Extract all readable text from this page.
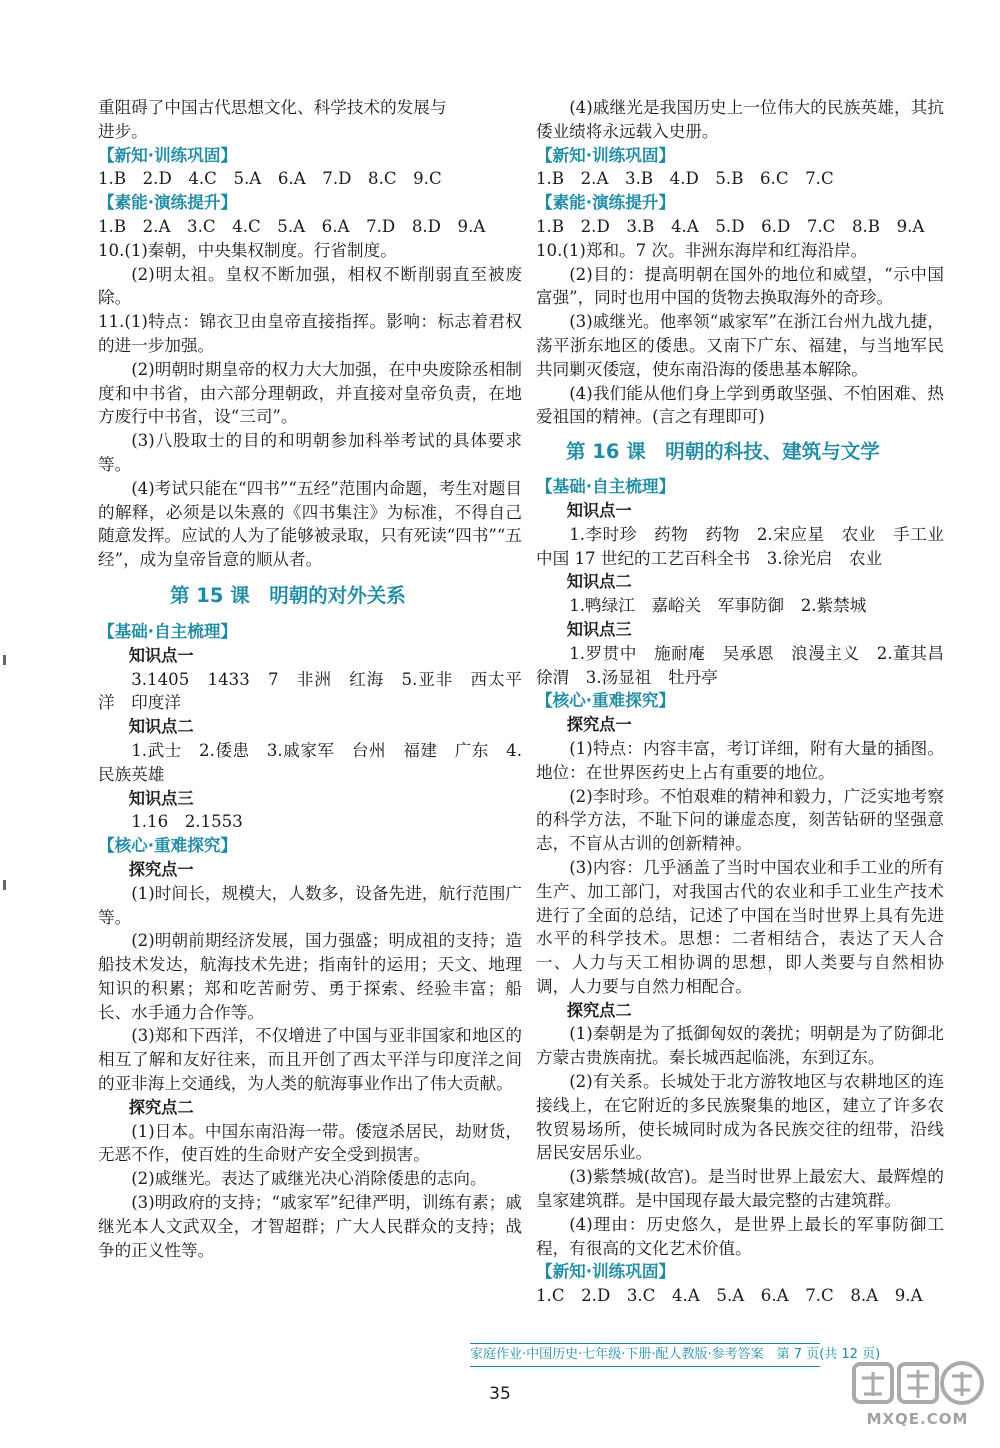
重阻碍了中国古代思想文化、科学技术的发展与

进步。

【新知·训练巩固】

1.B　2.D　4.C　5.A　6.A　7.D　8.C　9.C

【素能·演练提升】

1.B　2.A　3.C　4.C　5.A　6.A　7.D　8.D　9.A

10.(1)秦朝，中央集权制度。行省制度。

(2)明太祖。皇权不断加强，相权不断削弱直至被废除。

11.(1)特点：锦衣卫由皇帝直接指挥。影响：标志着君权的进一步加强。

(2)明朝时期皇帝的权力大大加强，在中央废除丞相制度和中书省，由六部分理朝政，并直接对皇帝负责，在地方废行中书省，设“三司”。

(3)八股取士的目的和明朝参加科举考试的具体要求等。

(4)考试只能在“四书”“五经”范围内命题，考生对题目的解释，必须是以朱熹的《四书集注》为标准，不得自己随意发挥。应试的人为了能够被录取，只有死读“四书”“五经”，成为皇帝旨意的顺从者。

第 15 课　明朝的对外关系

【基础·自主梳理】

知识点一

3.1405　1433　7　非洲　红海　5.亚非　西太平洋　印度洋

知识点二

1.武士　2.倭患　3.戚家军　台州　福建　广东　4.民族英雄

知识点三

1.16　2.1553

【核心·重难探究】

探究点一

(1)时间长，规模大，人数多，设备先进，航行范围广等。

(2)明朝前期经济发展，国力强盛；明成祖的支持；造船技术发达，航海技术先进；指南针的运用；天文、地理知识的积累；郑和吃苦耐劳、勇于探索、经验丰富；船长、水手通力合作等。

(3)郑和下西洋，不仅增进了中国与亚非国家和地区的相互了解和友好往来，而且开创了西太平洋与印度洋之间的亚非海上交通线，为人类的航海事业作出了伟大贡献。

探究点二

(1)日本。中国东南沿海一带。倭寇杀居民，劫财货，无恶不作，使百姓的生命财产安全受到损害。

(2)戚继光。表达了戚继光决心消除倭患的志向。

(3)明政府的支持；“戚家军”纪律严明，训练有素；戚继光本人文武双全，才智超群；广大人民群众的支持；战争的正义性等。

(4)戚继光是我国历史上一位伟大的民族英雄，其抗倭业绩将永远载入史册。

【新知·训练巩固】

1.B　2.A　3.B　4.D　5.B　6.C　7.C

【素能·演练提升】

1.B　2.D　3.B　4.A　5.D　6.D　7.C　8.B　9.A

10.(1)郑和。7 次。非洲东海岸和红海沿岸。

(2)目的：提高明朝在国外的地位和威望，“示中国富强”，同时也用中国的货物去换取海外的奇珍。

(3)戚继光。他率领“戚家军”在浙江台州九战九捷，荡平浙东地区的倭患。又南下广东、福建，与当地军民共同剿灭倭寇，使东南沿海的倭患基本解除。

(4)我们能从他们身上学到勇敢坚强、不怕困难、热爱祖国的精神。(言之有理即可)

第 16 课　明朝的科技、建筑与文学

【基础·自主梳理】

知识点一

1.李时珍　药物　药物　2.宋应星　农业　手工业　中国 17 世纪的工艺百科全书　3.徐光启　农业

知识点二

1.鸭绿江　嘉峪关　军事防御　2.紫禁城

知识点三

1.罗贯中　施耐庵　吴承恩　浪漫主义　2.董其昌　徐渭　3.汤显祖　牡丹亭

【核心·重难探究】

探究点一

(1)特点：内容丰富，考订详细，附有大量的插图。地位：在世界医药史上占有重要的地位。

(2)李时珍。不怕艰难的精神和毅力，广泛实地考察的科学方法，不耻下问的谦虚态度，刻苦钻研的坚强意志，不盲从古训的创新精神。

(3)内容：几乎涵盖了当时中国农业和手工业的所有生产、加工部门，对我国古代的农业和手工业生产技术进行了全面的总结，记述了中国在当时世界上具有先进水平的科学技术。思想：二者相结合，表达了天人合一、人力与天工相协调的思想，即人类要与自然相协调，人力要与自然力相配合。

探究点二

(1)秦朝是为了抵御匈奴的袭扰；明朝是为了防御北方蒙古贵族南扰。秦长城西起临洮，东到辽东。

(2)有关系。长城处于北方游牧地区与农耕地区的连接线上，在它附近的多民族聚集的地区，建立了许多农牧贸易场所，使长城同时成为各民族交往的纽带，沿线居民安居乐业。

(3)紫禁城(故宫)。是当时世界上最宏大、最辉煌的皇家建筑群。是中国现存最大最完整的古建筑群。

(4)理由：历史悠久，是世界上最长的军事防御工程，有很高的文化艺术价值。

【新知·训练巩固】

1.C　2.D　3.C　4.A　5.A　6.A　7.C　8.A　9.A

家庭作业·中国历史·七年级·下册·配人教版·参考答案　第 7 页(共 12 页)
35
MXQE.COM
